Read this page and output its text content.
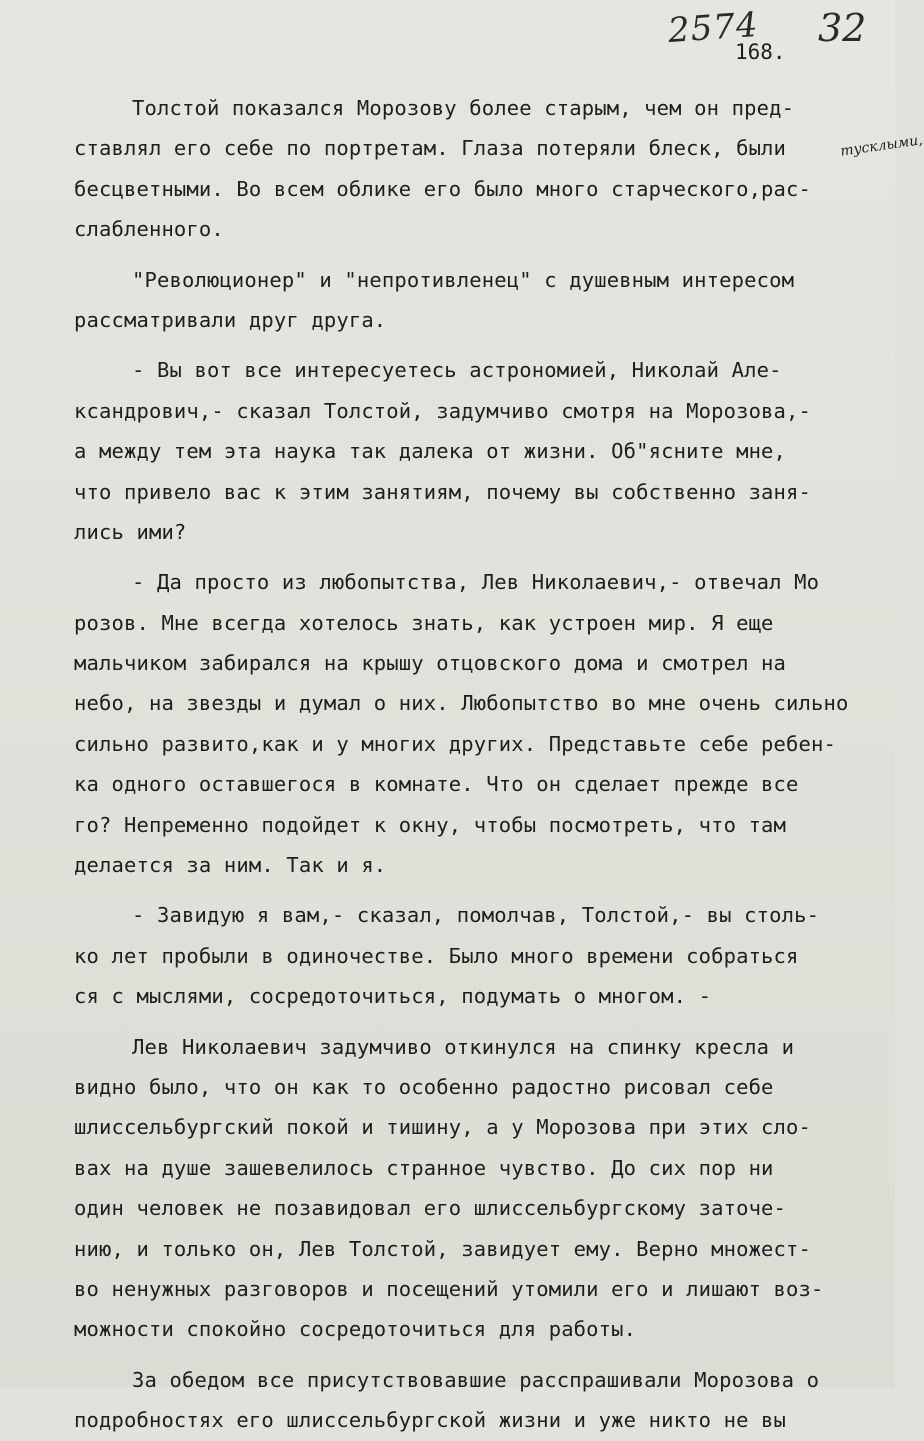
2574 32
168.
тусклыми,
Толстой показался Морозову более старым, чем он пред-
ставлял его себе по портретам. Глаза потеряли блеск, были
бесцветными. Во всем облике его было много старческого,рас-
слабленного.
"Революционер" и "непротивленец" с душевным интересом
рассматривали друг друга.
- Вы вот все интересуетесь астрономией, Николай Але-
ксандрович,- сказал Толстой, задумчиво смотря на Морозова,-
а между тем эта наука так далека от жизни. Об"ясните мне,
что привело вас к этим занятиям, почему вы собственно заня-
лись ими?
- Да просто из любопытства, Лев Николаевич,- отвечал Мо
розов. Мне всегда хотелось знать, как устроен мир. Я еще
мальчиком забирался на крышу отцовского дома и смотрел на
небо, на звезды и думал о них. Любопытство во мне очень сильно
сильно развито,как и у многих других. Представьте себе ребен-
ка одного оставшегося в комнате. Что он сделает прежде все
го? Непременно подойдет к окну, чтобы посмотреть, что там
делается за ним. Так и я.
- Завидую я вам,- сказал, помолчав, Толстой,- вы столь-
ко лет пробыли в одиночестве. Было много времени собраться
ся с мыслями, сосредоточиться, подумать о многом. -
Лев Николаевич задумчиво откинулся на спинку кресла и
видно было, что он как то особенно радостно рисовал себе
шлиссельбургский покой и тишину, а у Морозова при этих сло-
вах на душе зашевелилось странное чувство. До сих пор ни
один человек не позавидовал его шлиссельбургскому заточе-
нию, и только он, Лев Толстой, завидует ему. Верно множест-
во ненужных разговоров и посещений утомили его и лишают воз-
можности спокойно сосредоточиться для работы.
За обедом все присутствовавшие расспрашивали Морозова о
подробностях его шлиссельбургской жизни и уже никто не вы
